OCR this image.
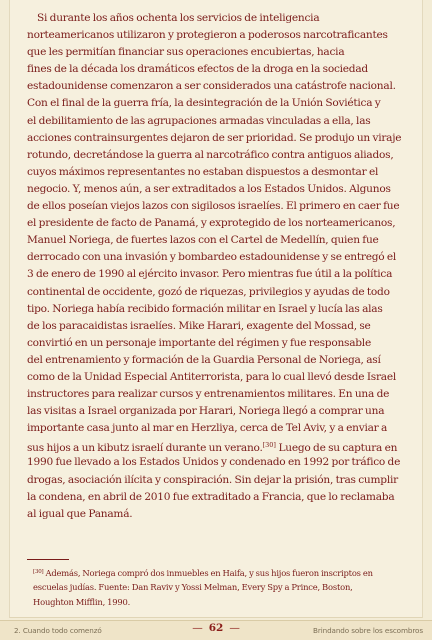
Si durante los años ochenta los servicios de inteligencia
norteamericanos utilizaron y protegieron a poderosos narcotraficantes
que les permitían financiar sus operaciones encubiertas, hacia
fines de la década los dramáticos efectos de la droga en la sociedad
estadounidense comenzaron a ser considerados una catástrofe nacional.
Con el final de la guerra fría, la desintegración de la Unión Soviética y
el debilitamiento de las agrupaciones armadas vinculadas a ella, las
acciones contrainsurgentes dejaron de ser prioridad. Se produjo un viraje
rotundo, decretándose la guerra al narcotráfico contra antiguos aliados,
cuyos máximos representantes no estaban dispuestos a desmontar el
negocio. Y, menos aún, a ser extraditados a los Estados Unidos. Algunos
de ellos poseían viejos lazos con sigilosos israelíes. El primero en caer fue
el presidente de facto de Panamá, y exprotegido de los norteamericanos,
Manuel Noriega, de fuertes lazos con el Cartel de Medellín, quien fue
derrocado con una invasión y bombardeo estadounidense y se entregó el
3 de enero de 1990 al ejército invasor. Pero mientras fue útil a la política
continental de occidente, gozó de riquezas, privilegios y ayudas de todo
tipo. Noriega había recibido formación militar en Israel y lucía las alas
de los paracaidistas israelíes. Mike Harari, exagente del Mossad, se
convirtió en un personaje importante del régimen y fue responsable
del entrenamiento y formación de la Guardia Personal de Noriega, así
como de la Unidad Especial Antiterrorista, para lo cual llevó desde Israel
instructores para realizar cursos y entrenamientos militares. En una de
las visitas a Israel organizada por Harari, Noriega llegó a comprar una
importante casa junto al mar en Herzliya, cerca de Tel Aviv, y a enviar a
sus hijos a un kibutz israelí durante un verano.[30] Luego de su captura en
1990 fue llevado a los Estados Unidos y condenado en 1992 por tráfico de
drogas, asociación ilícita y conspiración. Sin dejar la prisión, tras cumplir
la condena, en abril de 2010 fue extraditado a Francia, que lo reclamaba
al igual que Panamá.
[30] Además, Noriega compró dos inmuebles en Haifa, y sus hijos fueron inscriptos en
escuelas judías. Fuente: Dan Raviv y Yossi Melman, Every Spy a Prince, Boston,
Houghton Mifflin, 1990.
2. Cuando todo comenzó	— 62 —	Brindando sobre los escombros
